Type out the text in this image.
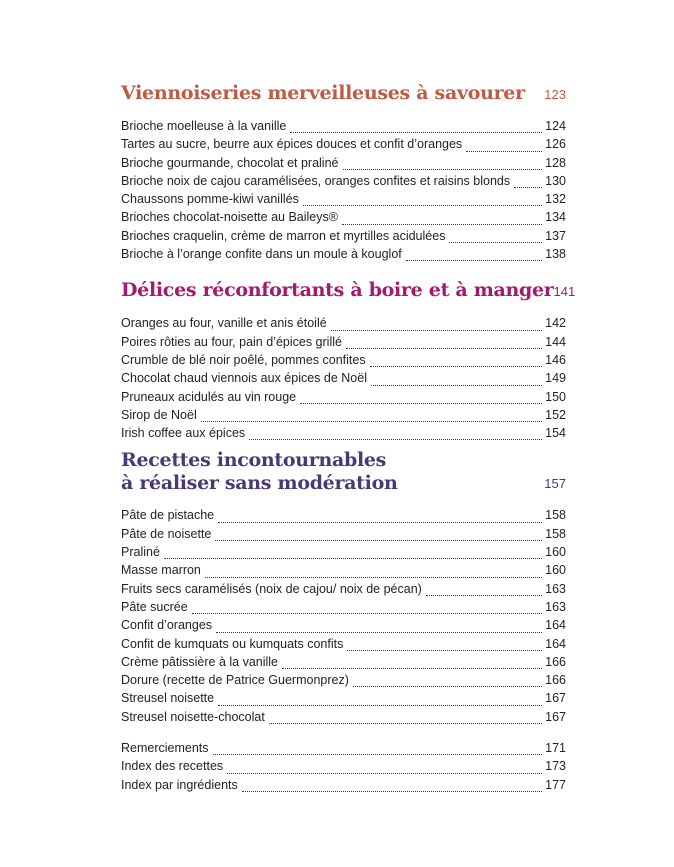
Viennoiseries merveilleuses à savourer 123
Brioche moelleuse à la vanille	124
Tartes au sucre, beurre aux épices douces et confit d’oranges	126
Brioche gourmande, chocolat et praliné	128
Brioche noix de cajou caramélisées, oranges confites et raisins blonds	130
Chaussons pomme-kiwi vanillés	132
Brioches chocolat-noisette au Baileys®	134
Brioches craquelin, crème de marron et myrtilles acidulées	137
Brioche à l’orange confite dans un moule à kouglof	138
Délices réconfortants à boire et à manger 141
Oranges au four, vanille et anis étoilé	142
Poires rôties au four, pain d’épices grillé	144
Crumble de blé noir poêlé, pommes confites	146
Chocolat chaud viennois aux épices de Noël	149
Pruneaux acidulés au vin rouge	150
Sirop de Noël	152
Irish coffee aux épices	154
Recettes incontournables
à réaliser sans modération	157
Pâte de pistache	158
Pâte de noisette	158
Praliné	160
Masse marron	160
Fruits secs caramélisés (noix de cajou/ noix de pécan)	163
Pâte sucrée	163
Confit d’oranges	164
Confit de kumquats ou kumquats confits	164
Crème pâtissière à la vanille	166
Dorure (recette de Patrice Guermonprez)	166
Streusel noisette	167
Streusel noisette-chocolat	167
Remerciements	171
Index des recettes	173
Index par ingrédients	177
